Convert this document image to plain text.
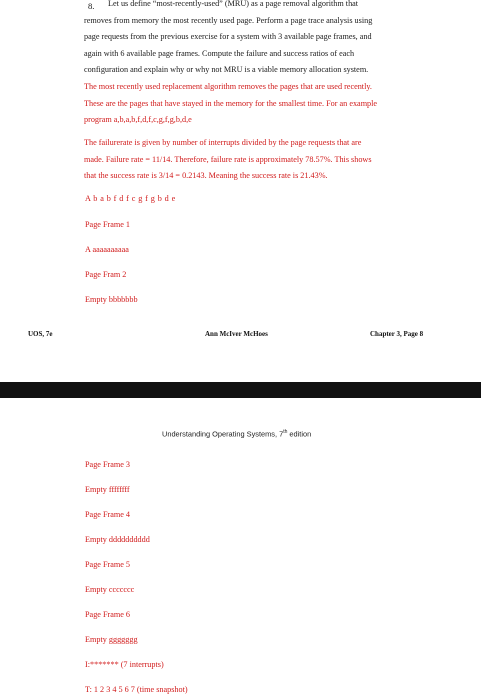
8. Let us define “most-recently-used” (MRU) as a page removal algorithm that
removes from memory the most recently used page. Perform a page trace analysis using
page requests from the previous exercise for a system with 3 available page frames, and
again with 6 available page frames. Compute the failure and success ratios of each
configuration and explain why or why not MRU is a viable memory allocation system.
The most recently used replacement algorithm removes the pages that are used recently.
These are the pages that have stayed in the memory for the smallest time. For an example
program a,b,a,b,f,d,f,c,g,f,g,b,d,e
The failurerate is given by number of interrupts divided by the page requests that are
made. Failure rate = 11/14. Therefore, failure rate is approximately 78.57%. This shows
that the success rate is 3/14 = 0.2143. Meaning the success rate is 21.43%.
A b a b f d f c g f g b d e
Page Frame 1
A aaaaaaaaaa
Page Fram 2
Empty bbbbbbb
UOS, 7e	Ann McIver McHoes	Chapter 3, Page 8
Understanding Operating Systems, 7th edition
Page Frame 3
Empty ffffffff
Page Frame 4
Empty dddddddddd
Page Frame 5
Empty ccccccc
Page Frame 6
Empty ggggggg
I:******* (7 interrupts)
T: 1 2 3 4 5 6 7 (time snapshot)
